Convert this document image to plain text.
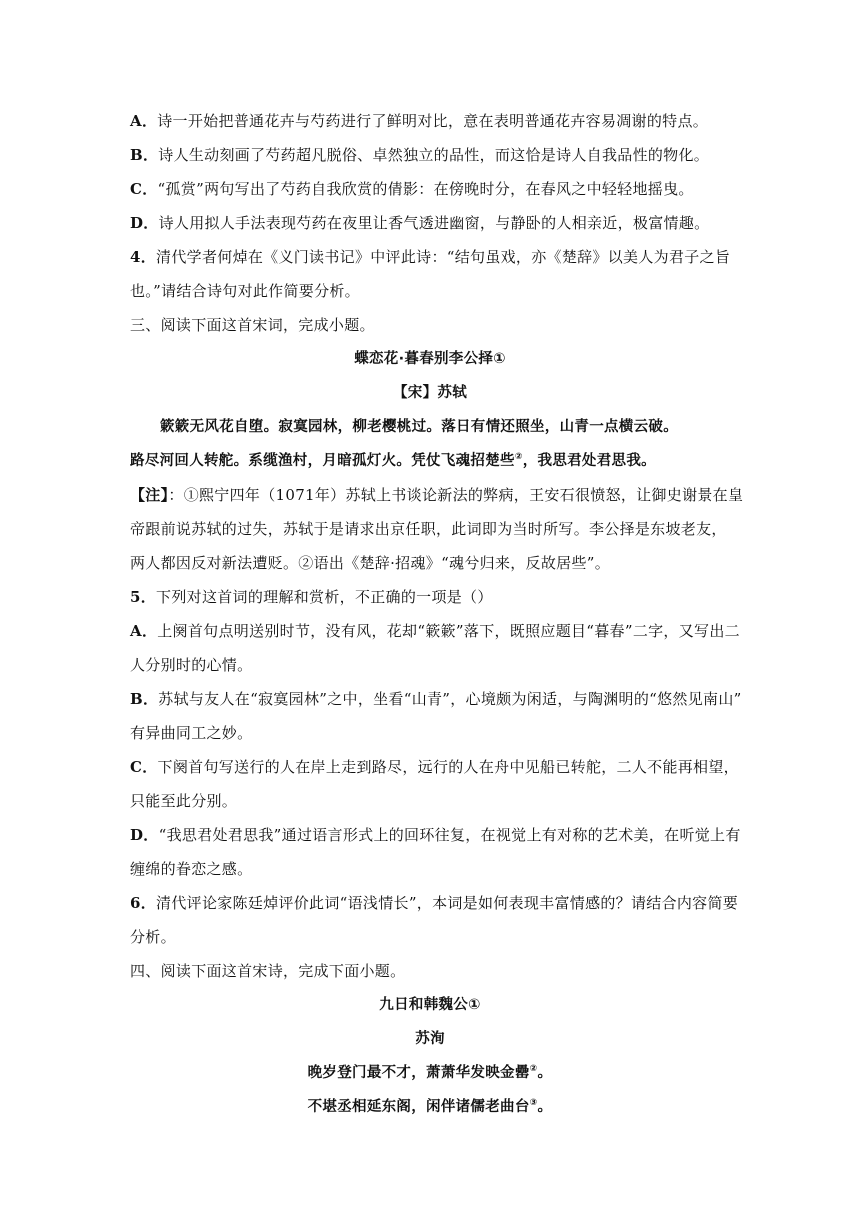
A．诗一开始把普通花卉与芍药进行了鲜明对比，意在表明普通花卉容易凋谢的特点。
B．诗人生动刻画了芍药超凡脱俗、卓然独立的品性，而这恰是诗人自我品性的物化。
C．“孤赏”两句写出了芍药自我欣赏的倩影：在傍晚时分，在春风之中轻轻地摇曳。
D．诗人用拟人手法表现芍药在夜里让香气透进幽窗，与静卧的人相亲近，极富情趣。
4．清代学者何焯在《义门读书记》中评此诗：“结句虽戏，亦《楚辞》以美人为君子之旨
也。”请结合诗句对此作简要分析。
三、阅读下面这首宋词，完成小题。
蝶恋花·暮春别李公择①
【宋】苏轼
簌簌无风花自堕。寂寞园林，柳老樱桃过。落日有情还照坐，山青一点横云破。
路尽河回人转舵。系缆渔村，月暗孤灯火。凭仗飞魂招楚些②，我思君处君思我。
【注】：①熙宁四年（1071年）苏轼上书谈论新法的弊病，王安石很愤怒，让御史谢景在皇
帝跟前说苏轼的过失，苏轼于是请求出京任职，此词即为当时所写。李公择是东坡老友，
两人都因反对新法遭贬。②语出《楚辞·招魂》“魂兮归来，反故居些”。
5．下列对这首词的理解和赏析，不正确的一项是（）
A．上阕首句点明送别时节，没有风，花却“簌簌”落下，既照应题目“暮春”二字，又写出二
人分别时的心情。
B．苏轼与友人在“寂寞园林”之中，坐看“山青”，心境颇为闲适，与陶渊明的“悠然见南山”
有异曲同工之妙。
C．下阕首句写送行的人在岸上走到路尽，远行的人在舟中见船已转舵，二人不能再相望，
只能至此分别。
D．“我思君处君思我”通过语言形式上的回环往复，在视觉上有对称的艺术美，在听觉上有
缠绵的眷恋之感。
6．清代评论家陈廷焯评价此词“语浅情长”，本词是如何表现丰富情感的？请结合内容简要
分析。
四、阅读下面这首宋诗，完成下面小题。
九日和韩魏公①
苏洵
晚岁登门最不才，萧萧华发映金罍②。
不堪丞相延东阁，闲伴诸儒老曲台③。
